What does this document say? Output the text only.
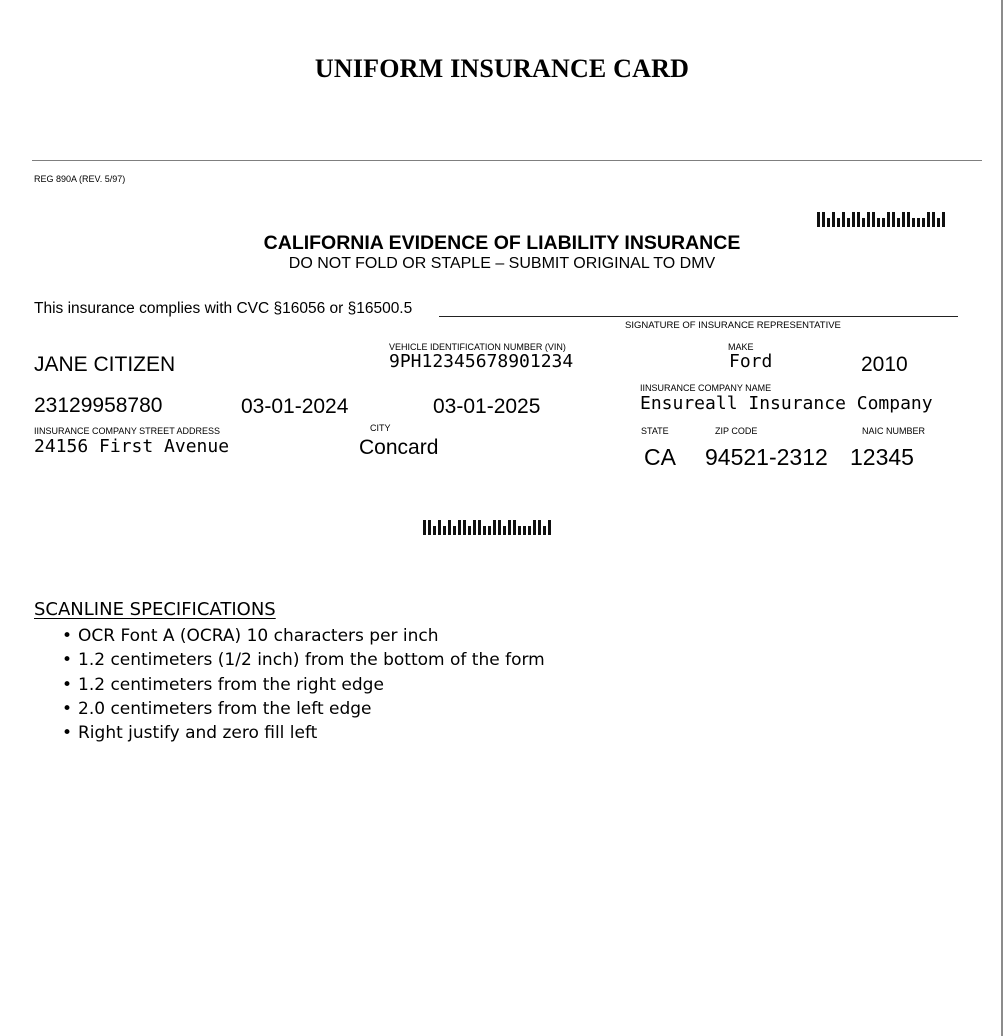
UNIFORM INSURANCE CARD
REG 890A (REV. 5/97)
CALIFORNIA EVIDENCE OF LIABILITY INSURANCE
DO NOT FOLD OR STAPLE – SUBMIT ORIGINAL TO DMV
This insurance complies with CVC §16056 or §16500.5
SIGNATURE OF INSURANCE REPRESENTATIVE
JANE CITIZEN
VEHICLE IDENTIFICATION NUMBER (VIN)
9PH12345678901234
MAKE
Ford	2010
23129958780	03-01-2024	03-01-2025
IINSURANCE COMPANY NAME
Ensureall Insurance Company
IINSURANCE COMPANY STREET ADDRESS
24156 First Avenue
CITY
Concard
STATE
CA
ZIP CODE
94521-2312
NAIC NUMBER
12345
SCANLINE SPECIFICATIONS
• OCR Font A (OCRA) 10 characters per inch
• 1.2 centimeters (1/2 inch) from the bottom of the form
• 1.2 centimeters from the right edge
• 2.0 centimeters from the left edge
• Right justify and zero fill left
